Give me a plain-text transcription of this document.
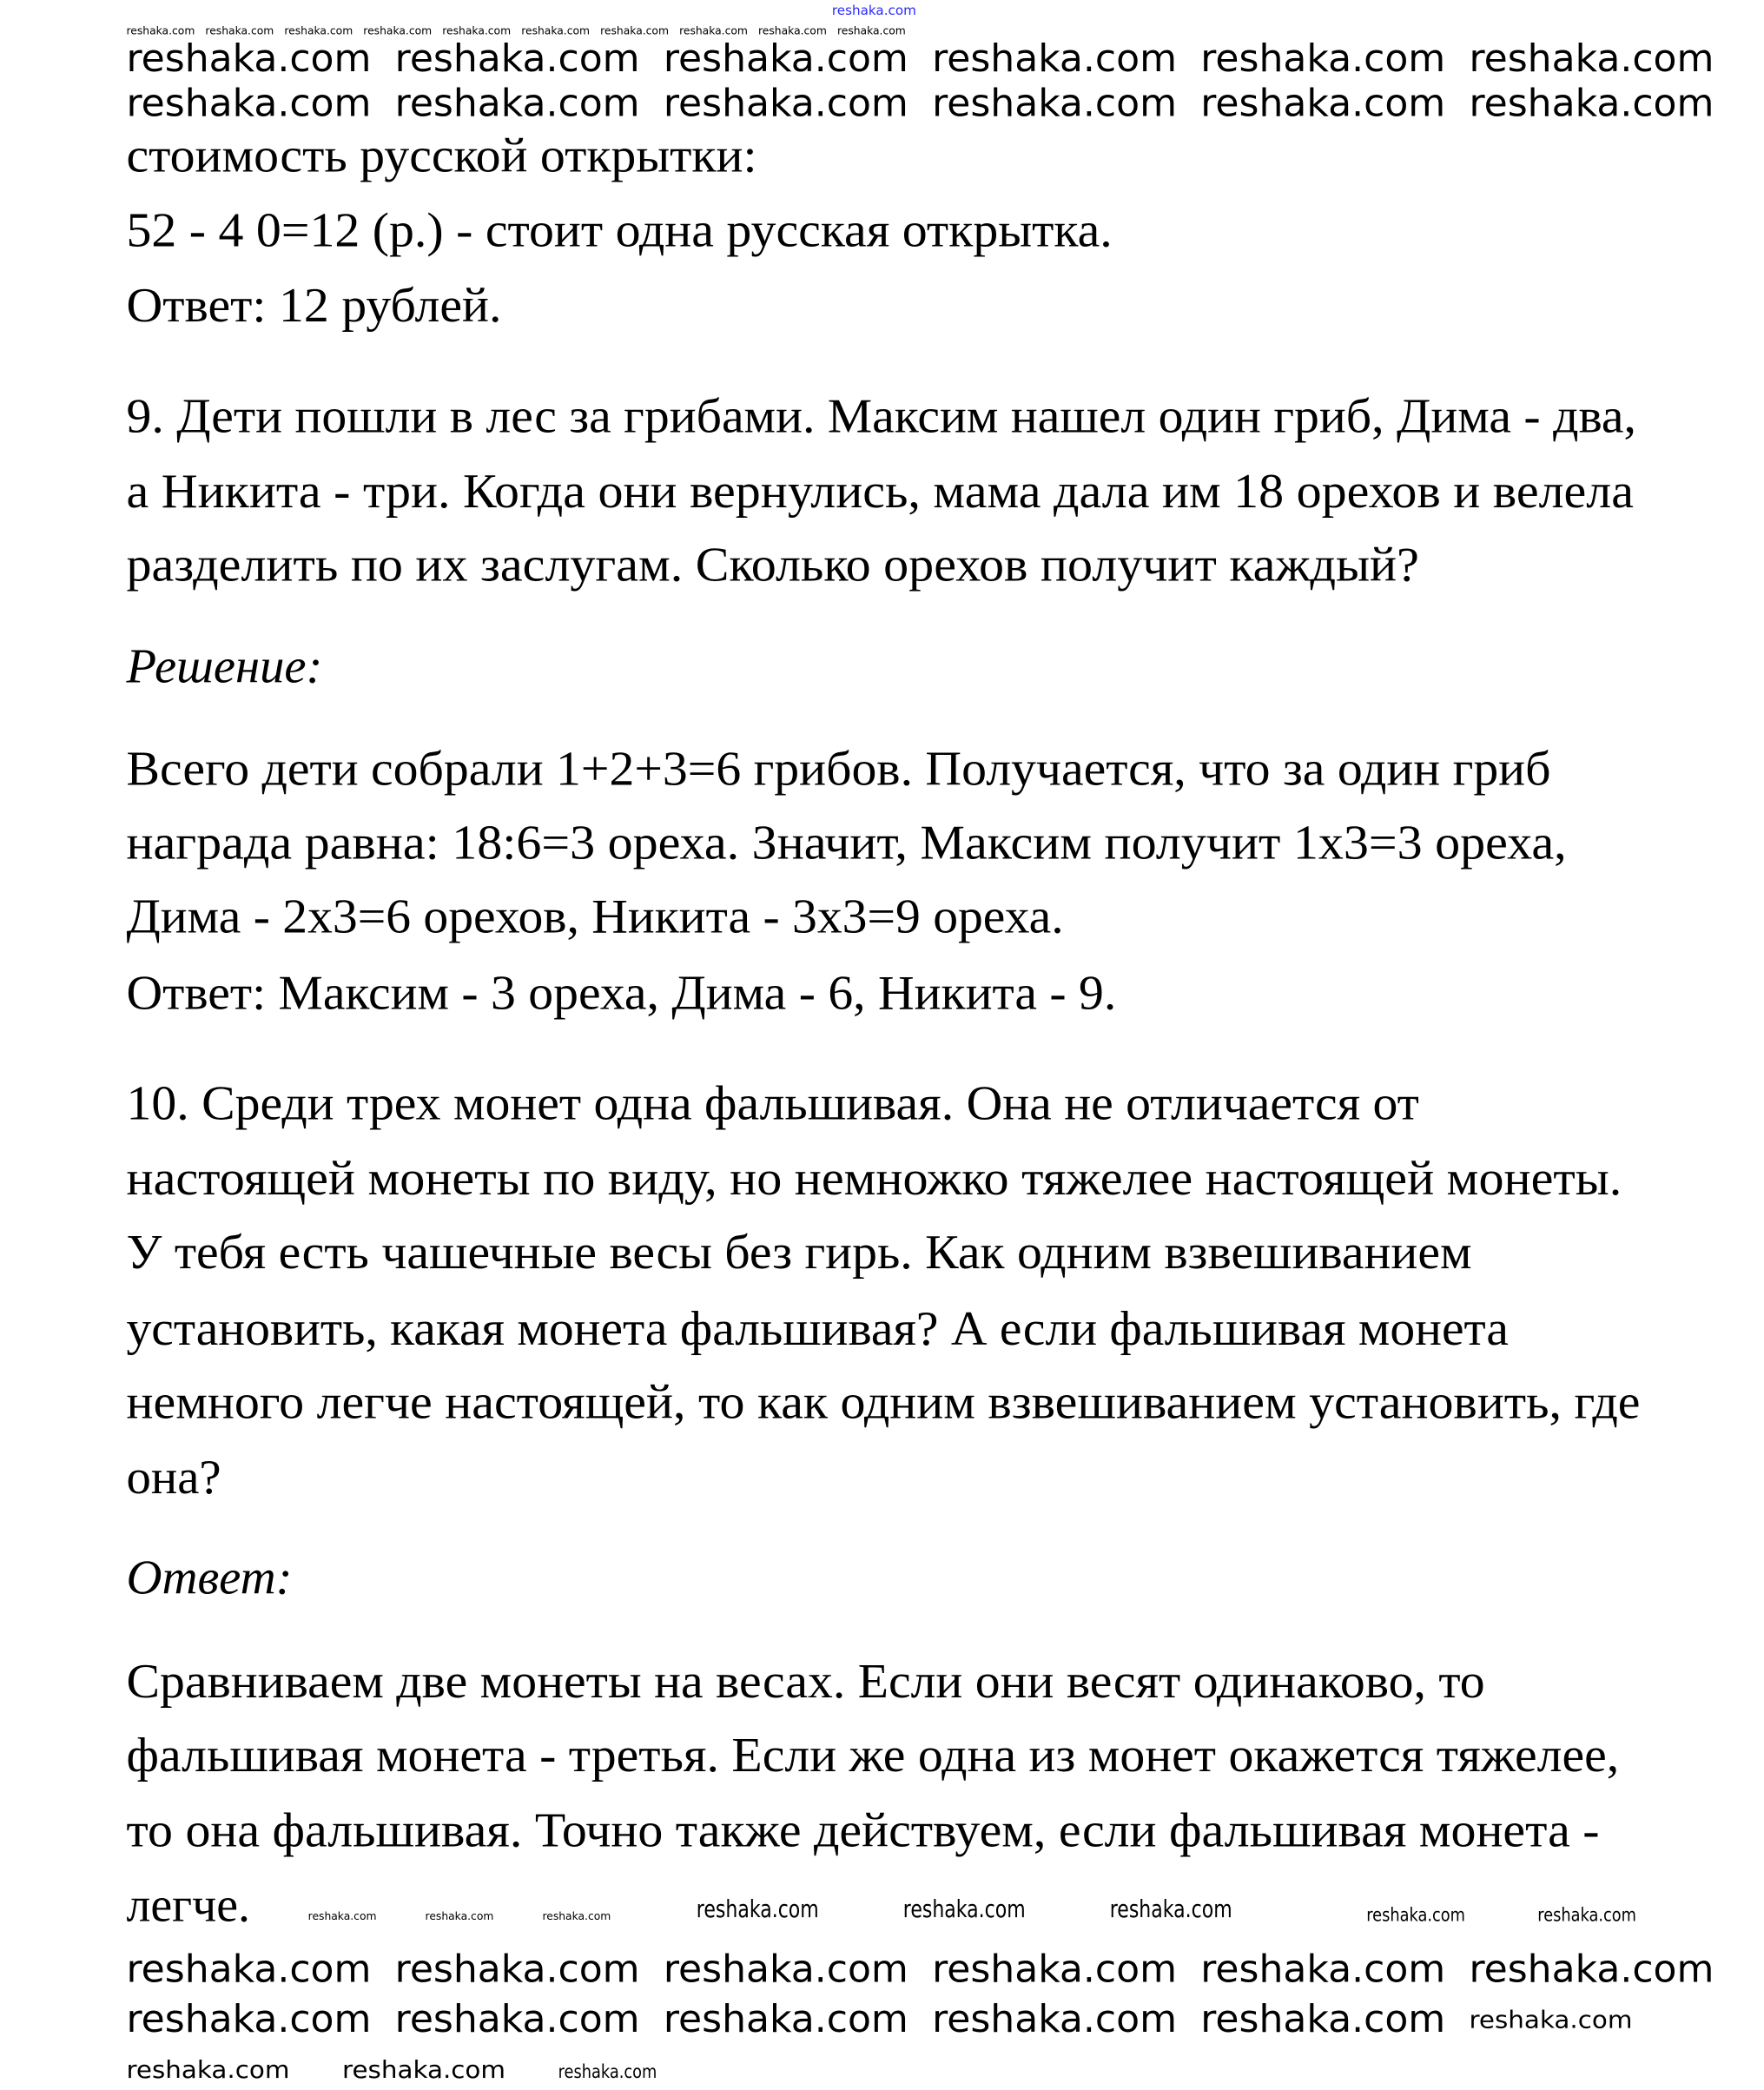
reshaka.com
reshaka.com reshaka.com reshaka.com reshaka.com reshaka.com reshaka.com reshaka.com reshaka.com reshaka.com reshaka.com
reshaka.com reshaka.com reshaka.com reshaka.com reshaka.com reshaka.com
reshaka.com reshaka.com reshaka.com reshaka.com reshaka.com reshaka.com
reshaka.com	reshaka.com	reshaka.com	reshaka.com	reshaka.com	reshaka.com	reshaka.com	reshaka.com
reshaka.com reshaka.com reshaka.com reshaka.com reshaka.com reshaka.com
reshaka.com reshaka.com reshaka.com reshaka.com reshaka.com reshaka.com
reshaka.com	reshaka.com	reshaka.com
стоимость русской открытки:
52 - 4 0=12 (р.) - стоит одна русская открытка.
Ответ: 12 рублей.
9. Дети пошли в лес за грибами. Максим нашел один гриб, Дима - два,
а Никита - три. Когда они вернулись, мама дала им 18 орехов и велела
разделить по их заслугам. Сколько орехов получит каждый?
Решение:
Всего дети собрали 1+2+3=6 грибов. Получается, что за один гриб
награда равна: 18:6=3 ореха. Значит, Максим получит 1х3=3 ореха,
Дима - 2х3=6 орехов, Никита - 3х3=9 ореха.
Ответ: Максим - 3 ореха, Дима - 6, Никита - 9.
10. Среди трех монет одна фальшивая. Она не отличается от
настоящей монеты по виду, но немножко тяжелее настоящей монеты.
У тебя есть чашечные весы без гирь. Как одним взвешиванием
установить, какая монета фальшивая? А если фальшивая монета
немного легче настоящей, то как одним взвешиванием установить, где
она?
Ответ:
Сравниваем две монеты на весах. Если они весят одинаково, то
фальшивая монета - третья. Если же одна из монет окажется тяжелее,
то она фальшивая. Точно также действуем, если фальшивая монета -
легче.
